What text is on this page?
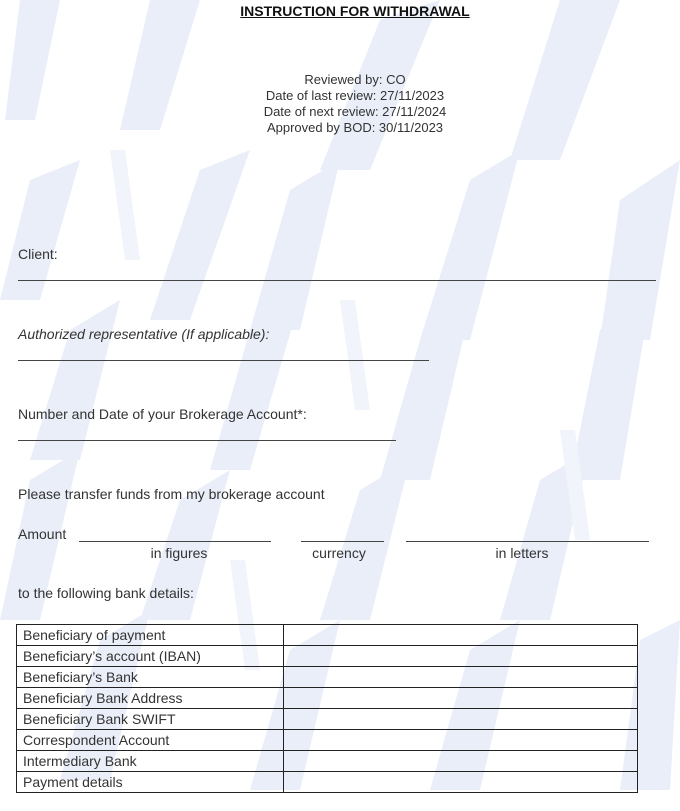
INSTRUCTION FOR WITHDRAWAL
Reviewed by: CO
Date of last review: 27/11/2023
Date of next review: 27/11/2024
Approved by BOD: 30/11/2023
Client:
Authorized representative (If applicable):
Number and Date of your Brokerage Account*:
Please transfer funds from my brokerage account
Amount
in figures	currency	in letters
to the following bank details:
Beneficiary of payment	
Beneficiary’s account (IBAN)	
Beneficiary’s Bank	
Beneficiary Bank Address	
Beneficiary Bank SWIFT	
Correspondent Account	
Intermediary Bank	
Payment details	
